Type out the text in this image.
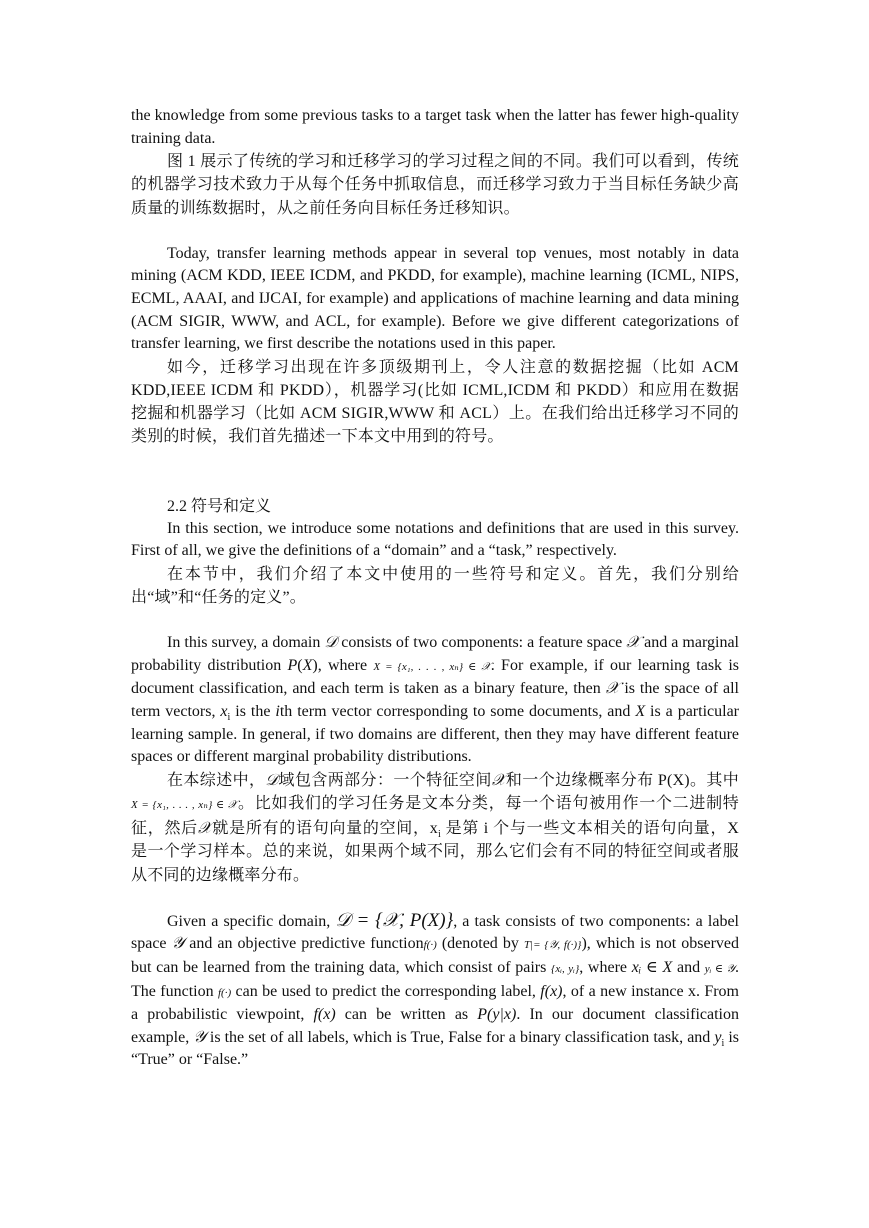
the knowledge from some previous tasks to a target task when the latter has fewer high-quality training data.

图 1 展示了传统的学习和迁移学习的学习过程之间的不同。我们可以看到，传统的机器学习技术致力于从每个任务中抓取信息，而迁移学习致力于当目标任务缺少高质量的训练数据时，从之前任务向目标任务迁移知识。

Today, transfer learning methods appear in several top venues, most notably in data mining (ACM KDD, IEEE ICDM, and PKDD, for example), machine learning (ICML, NIPS, ECML, AAAI, and IJCAI, for example) and applications of machine learning and data mining (ACM SIGIR, WWW, and ACL, for example). Before we give different categorizations of transfer learning, we first describe the notations used in this paper.

如今，迁移学习出现在许多顶级期刊上，令人注意的数据挖掘（比如 ACM KDD,IEEE ICDM 和 PKDD），机器学习(比如 ICML,ICDM 和 PKDD）和应用在数据挖掘和机器学习（比如 ACM SIGIR,WWW 和 ACL）上。在我们给出迁移学习不同的类别的时候，我们首先描述一下本文中用到的符号。

2.2 符号和定义

In this section, we introduce some notations and definitions that are used in this survey. First of all, we give the definitions of a “domain” and a “task,” respectively.

在本节中，我们介绍了本文中使用的一些符号和定义。首先，我们分别给出“域”和“任务的定义”。

In this survey, a domain 𝒟 consists of two components: a feature space 𝒳 and a marginal probability distribution P(X), where X = {x₁, . . . , xₙ} ∈ 𝒳. For example, if our learning task is document classification, and each term is taken as a binary feature, then 𝒳 is the space of all term vectors, $x_i$ is the ith term vector corresponding to some documents, and X is a particular learning sample. In general, if two domains are different, then they may have different feature spaces or different marginal probability distributions.

在本综述中，𝒟域包含两部分：一个特征空间𝒳和一个边缘概率分布 P(X)。其中X = {x₁, . . . , xₙ} ∈ 𝒳。比如我们的学习任务是文本分类，每一个语句被用作一个二进制特征，然后𝒳就是所有的语句向量的空间，$x_i$ 是第 i 个与一些文本相关的语句向量，X 是一个学习样本。总的来说，如果两个域不同，那么它们会有不同的特征空间或者服从不同的边缘概率分布。

Given a specific domain, 𝒟 = {𝒳, P(X)}, a task consists of two components: a label space 𝒴 and an objective predictive functionf(·) (denoted by T|= {𝒴, f(·)}), which is not observed but can be learned from the training data, which consist of pairs {xᵢ, yᵢ}, where xᵢ ∈ X and yᵢ ∈ 𝒴. The function f(·) can be used to predict the corresponding label, f(x), of a new instance x. From a probabilistic viewpoint, f(x) can be written as P(y|x). In our document classification example, 𝒴 is the set of all labels, which is True, False for a binary classification task, and $y_i$ is “True” or “False.”
